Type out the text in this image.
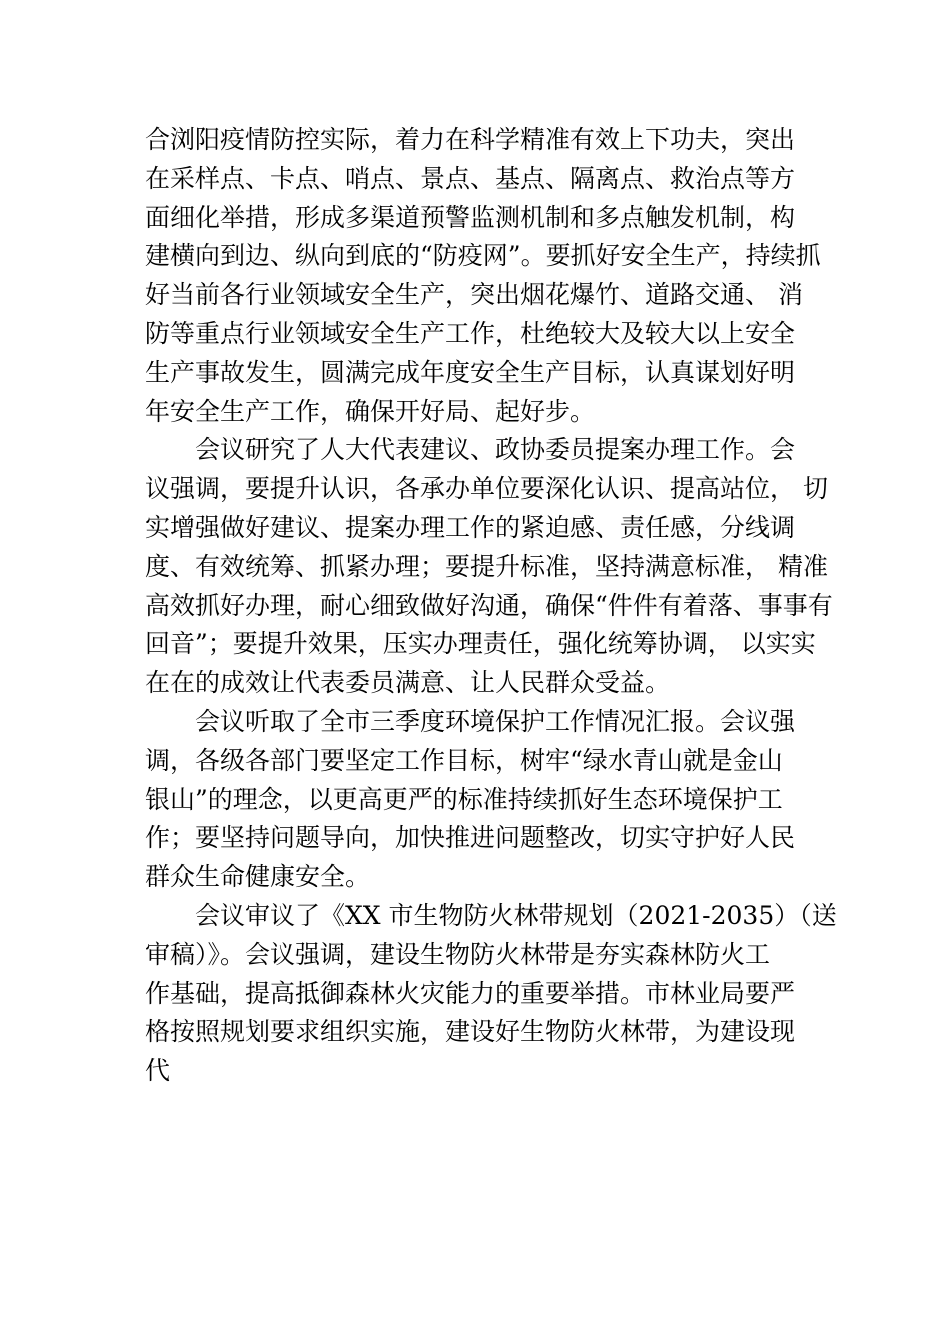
合浏阳疫情防控实际，着力在科学精准有效上下功夫，突出
在采样点、卡点、哨点、景点、基点、隔离点、救治点等方
面细化举措，形成多渠道预警监测机制和多点触发机制，构
建横向到边、纵向到底的“防疫网”。要抓好安全生产，持续抓
好当前各行业领域安全生产，突出烟花爆竹、道路交通、 消
防等重点行业领域安全生产工作，杜绝较大及较大以上安全
生产事故发生，圆满完成年度安全生产目标，认真谋划好明
年安全生产工作，确保开好局、起好步。
会议研究了人大代表建议、政协委员提案办理工作。会
议强调，要提升认识，各承办单位要深化认识、提高站位， 切
实增强做好建议、提案办理工作的紧迫感、责任感，分线调
度、有效统筹、抓紧办理；要提升标准，坚持满意标准， 精准
高效抓好办理，耐心细致做好沟通，确保“件件有着落、事事有
回音”；要提升效果，压实办理责任，强化统筹协调， 以实实
在在的成效让代表委员满意、让人民群众受益。
会议听取了全市三季度环境保护工作情况汇报。会议强
调，各级各部门要坚定工作目标，树牢“绿水青山就是金山
银山”的理念，以更高更严的标准持续抓好生态环境保护工
作；要坚持问题导向，加快推进问题整改，切实守护好人民
群众生命健康安全。
会议审议了《XX 市生物防火林带规划（2021-2035）（送
审稿）》。会议强调，建设生物防火林带是夯实森林防火工
作基础，提高抵御森林火灾能力的重要举措。市林业局要严
格按照规划要求组织实施，建设好生物防火林带，为建设现
代
